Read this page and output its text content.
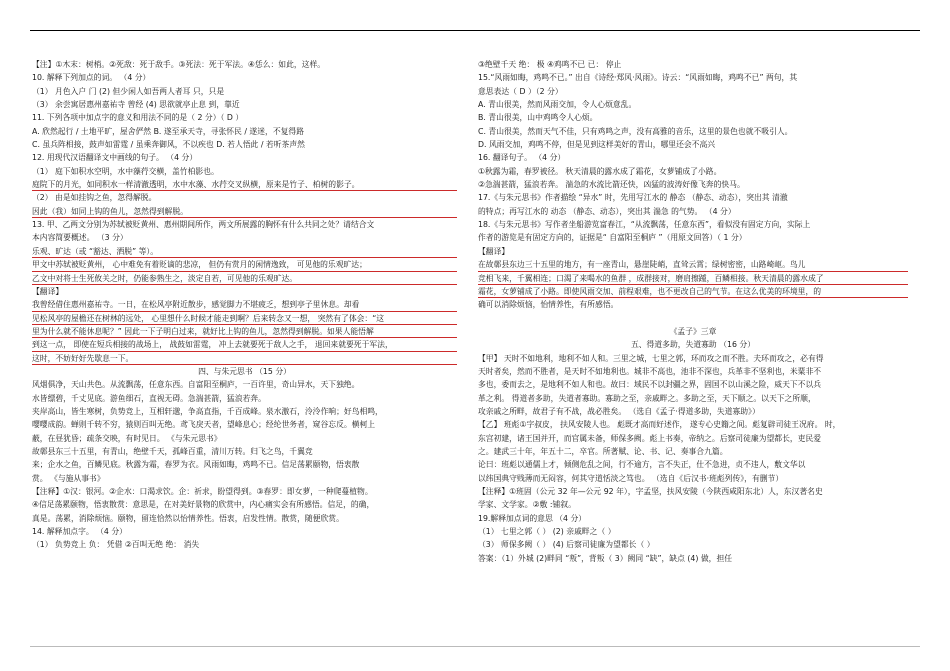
【注】①木末：树梢。②死敌：死于敌手。③死法：死于军法。④恁么：如此，这样。
10. 解释下列加点的词。 （4 分）
（1） 月色入户 门 (2) 但少闲人如吾两人者耳 只，只是
（3） 余尝寓居惠州嘉祐寺 曾经 (4) 思欲就亭止息 到，靠近
11. 下列各项中加点字的意义和用法不同的是（ 2 分）（ D ）
A. 欣然起行 / 土地平旷，屋舍俨然 B. 遂至承天寺，寻张怀民 / 遂迷，不复得路
C. 虽兵阵相接，鼓声如雷霆 / 虽乘奔御风，不以疾也 D. 若人悟此 / 若听茶声然
12. 用现代汉语翻译文中画线的句子。 （4 分）
（1） 庭下如积水空明，水中藻荇交横，盖竹柏影也。
庭院下的月光，如同积水一样清澈透明，水中水藻、水荇交叉纵横，原来是竹子、柏树的影子。
（2） 由是如挂钩之鱼，忽得解脱。
因此（我）如同上钩的鱼儿，忽然得到解脱。
13. 甲、乙两文分别为苏轼被贬黄州、惠州期间所作，两文所展露的胸怀有什么共同之处？请结合文
本内容简要概述。 （3 分）
乐观、旷达（或 “豁达、洒脱” 等）。
甲文中苏轼被贬黄州， 心中难免有着贬谪的悲凉， 但仍有赏月的闲情逸致， 可见他的乐观旷达；
乙文中对将士生死攸关之时，仍能参熟生之，淡定自若，可见他的乐观旷达。
【翻译】
我曾经借住惠州嘉祐寺。一日，在松风亭附近散步，感觉脚力不堪疲乏，想到亭子里休息。却看
见松风亭的屋檐还在树林的远处， 心里想什么时候才能走到啊？后来转念又一想， 突然有了体会：“这
里为什么就不能休息呢？” 因此一下子明白过来，就好比上钩的鱼儿，忽然得到解脱。如果人能悟解
到这一点， 即使在短兵相接的战场上， 战鼓如雷霆， 冲上去就要死于敌人之手， 退回来就要死于军法，
这时，不妨好好先歇息一下。
四、与朱元思书 （15 分）
风烟俱净，天山共色。从流飘荡，任意东西。自富阳至桐庐，一百许里，奇山异水，天下独绝。
水皆缥碧，千丈见底。游鱼细石，直视无碍。急湍甚箭，猛浪若奔。
夹岸高山，皆生寒树，负势竞上，互相轩邈，争高直指，千百成峰。泉水激石，泠泠作响；好鸟相鸣，
嘤嘤成韵。蝉则千转不穷，猿则百叫无绝。鸢飞戾天者，望峰息心；经纶世务者，窥谷忘反。横柯上
蔽，在昼犹昏；疏条交映，有时见日。 《与朱元思书》
故鄣县东三十五里，有青山，绝壁千天，孤峰百重，清川万转。归飞之鸟，千翼竞
来；企水之鱼，百鳞见底。秋露为霜，春罗为衣。风雨如晦，鸡鸣不已。信足荡累颐物，悟衷散
赏。 《与施从事书》
【注释】①汉：银河。②企水：口渴求饮。企：祈求，盼望得到。③春罗：即女萝，一种爬蔓植物。
④信足荡累颐物，悟衷散赏：意思是，在对美好景物的欣赏中，内心痛实会有所感悟。信足，的确，
真是。荡累，消除烦恼。颐物，留连恰然以怡情养性。悟衷，启发性情。散赏，随便欣赏。
14. 解释加点字。 （4 分）
（1） 负势竞上 负： 凭借 ②百叫无绝 绝： 消失
③绝壁千天 绝： 极 ④鸡鸣不已 已： 停止
15.“风雨如晦，鸡鸣不已。” 出自《诗经·郑风·风雨》。诗云：“风雨如晦，鸡鸣不已” 两句，其
意思表达（ D ）（2 分）
A. 青山很美，然而风雨交加，令人心烦意乱。
B. 青山很美，山中鸡鸣令人心烦。
C. 青山很美，然而天气不佳，只有鸡鸣之声，没有高雅的音乐，这里的景色也就不吸引人。
D. 风雨交加，鸡鸣不停，但是见到这样美好的青山，哪里还会不高兴
16. 翻译句子。 （4 分）
①秋露为霜，春罗被径。 秋天清晨的露水成了霜花，女萝铺成了小路。
②急湍甚箭，猛浪若奔。 湍急的水流比箭还快，凶猛的波涛好像飞奔的快马。
17.《与朱元思书》作者描绘 “异水” 时，先用写江水的 静态 （静态、动态），突出其 清澈
的特点；再写江水的 动态 （静态、动态），突出其 湍急 的气势。 （4 分）
18.《与朱元思书》写作者坐船游览富春江，“从流飘荡，任意东西”，看似没有固定方向，实际上
作者的游览是有固定方向的，证据是“ 自富阳至桐庐 ”（用原文回答）（ 1 分）
【翻译】
在故鄣县东边三十五里的地方，有一座青山，悬崖陡峭，直耸云霄；绿树密密，山路崎岖。鸟儿
竞相飞来，千翼相连；口渴了来喝水的鱼群 ，成群接对，磨肩擦踵，百鳞相接。秋天清晨的露水成了
霜花，女萝铺成了小路。即使风雨交加、前程艰难，也不更改自己的气节。在这么优美的环境里，的
确可以消除烦恼，怡情养性，有所感悟。
《孟子》三章
五、得道多助，失道寡助 （16 分）
【甲】 天时不如地利，地利不如人和。三里之城，七里之郭，环而攻之而不胜。夫环而攻之，必有得
天时者矣，然而不胜者，是天时不如地利也。城非不高也，池非不深也，兵革非不坚利也，米粟非不
多也，委而去之，是地利不如人和也。故曰：域民不以封疆之界，固国不以山溪之险，威天下不以兵
革之利。 得道者多助，失道者寡助。寡助之至，亲戚畔之。多助之至，天下顺之。以天下之所顺，
攻亲戚之所畔，故君子有不战，战必胜矣。 （选自《孟子·得道多助，失道寡助》）
【乙】 班彪①字叔皮， 扶风安陵人也。 彪既才高而好述作， 遂专心史籍之间。彪复辟司徒王况府。 时，
东宫初建，诸王国并开，而官属未备，师保多阙。彪上书奏，帝纳之。后察司徒廉为望都长，吏民爱
之。建武三十年，年五十二，卒官。所著赋、论、书、记、奏事合九篇。
论曰：班彪以通儒上才，倾侧危乱之间，行不逾方，言不失正，仕不急进，贞不违人，敷文华以
以纬国典守贱薄而无闷容，何其守道恬淡之笃也。 （选自《后汉书·班彪列传》，有删节）
【注释】①班固（公元 32 年—公元 92 年），字孟坚，扶风安陵（今陕西咸阳东北）人，东汉著名史
学家、文学家。②敷 :铺叙。
19.解释加点词的意思 （4 分）
（1） 七里之郭（ ） (2) 亲戚畔之（ ）
（3） 师保多阙（ ） (4) 后察司徒廉为望都长（ ）
答案：（1）外城 (2)畔同 “叛”，背叛（ 3）阙同 “缺”，缺点 (4) 做，担任
